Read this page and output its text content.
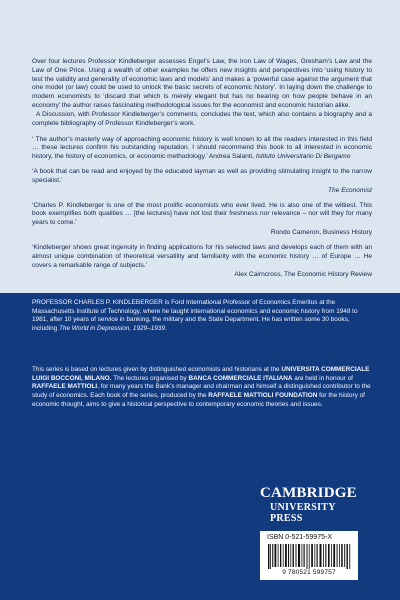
Over four lectures Professor Kindleberger assesses Engel’s Law, the Iron Law of Wages, Gresham’s Law and the Law of One Price. Using a wealth of other examples he offers new insights and perspectives into ‘using history to test the validity and generality of economic laws and models’ and makes a ‘powerful case against the argument that one model (or law) could be used to unlock the basic secrets of economic history’. In laying down the challenge to modern economists to ‘discard that which is merely elegant but has no bearing on how people behave in an economy’ the author raises fascinating methodological issues for the economist and economic historian alike.

A Discussion, with Professor Kindleberger’s comments, concludes the text, which also contains a biography and a complete bibliography of Professor Kindleberger’s work.

‘ The author’s masterly way of approaching economic history is well known to all the readers interested in this field … these lectures confirm his outstanding reputation. I should recommend this book to all interested in economic history, the history of economics, or economic methodology.’ Andrea Salanti, Istituto Universitario Di Bergamo

‘A book that can be read and enjoyed by the educated layman as well as providing stimulating insight to the narrow specialist.’

The Economist

‘Charles P. Kindleberger is one of the most prolific economists who ever lived. He is also one of the wittiest. This book exemplifies both qualities … [the lectures] have not lost their freshness nor relevance – nor will they for many years to come.’

Rondo Cameron, Business History

‘Kindleberger shows great ingenuity in finding applications for his selected laws and develops each of them with an almost unique combination of theoretical versatility and familiarity with the economic history … of Europe … He covers a remarkable range of subjects.’

Alex Cairncross, The Economic History Review
PROFESSOR CHARLES P. KINDLEBERGER is Ford International Professor of Economics Emeritus at the Massachusetts Institute of Technology, where he taught international economics and economic history from 1948 to 1981, after 10 years of service in banking, the military and the State Department. He has written some 30 books, including The World in Depression, 1929–1939.
This series is based on lectures given by distinguished economists and historians at the UNIVERSITA COMMERCIALE LUIGI BOCCONI, MILANO. The lectures organised by BANCA COMMERCIALE ITALIANA are held in honour of RAFFAELE MATTIOLI, for many years the Bank’s manager and chairman and himself a distinguished contributor to the study of economics. Each book of the series, produced by the RAFFAELE MATTIOLI FOUNDATION for the history of economic thought, aims to give a historical perspective to contemporary economic theories and issues.
CAMBRIDGE
UNIVERSITY PRESS
ISBN 0-521-59975-X
9 780521 599757
